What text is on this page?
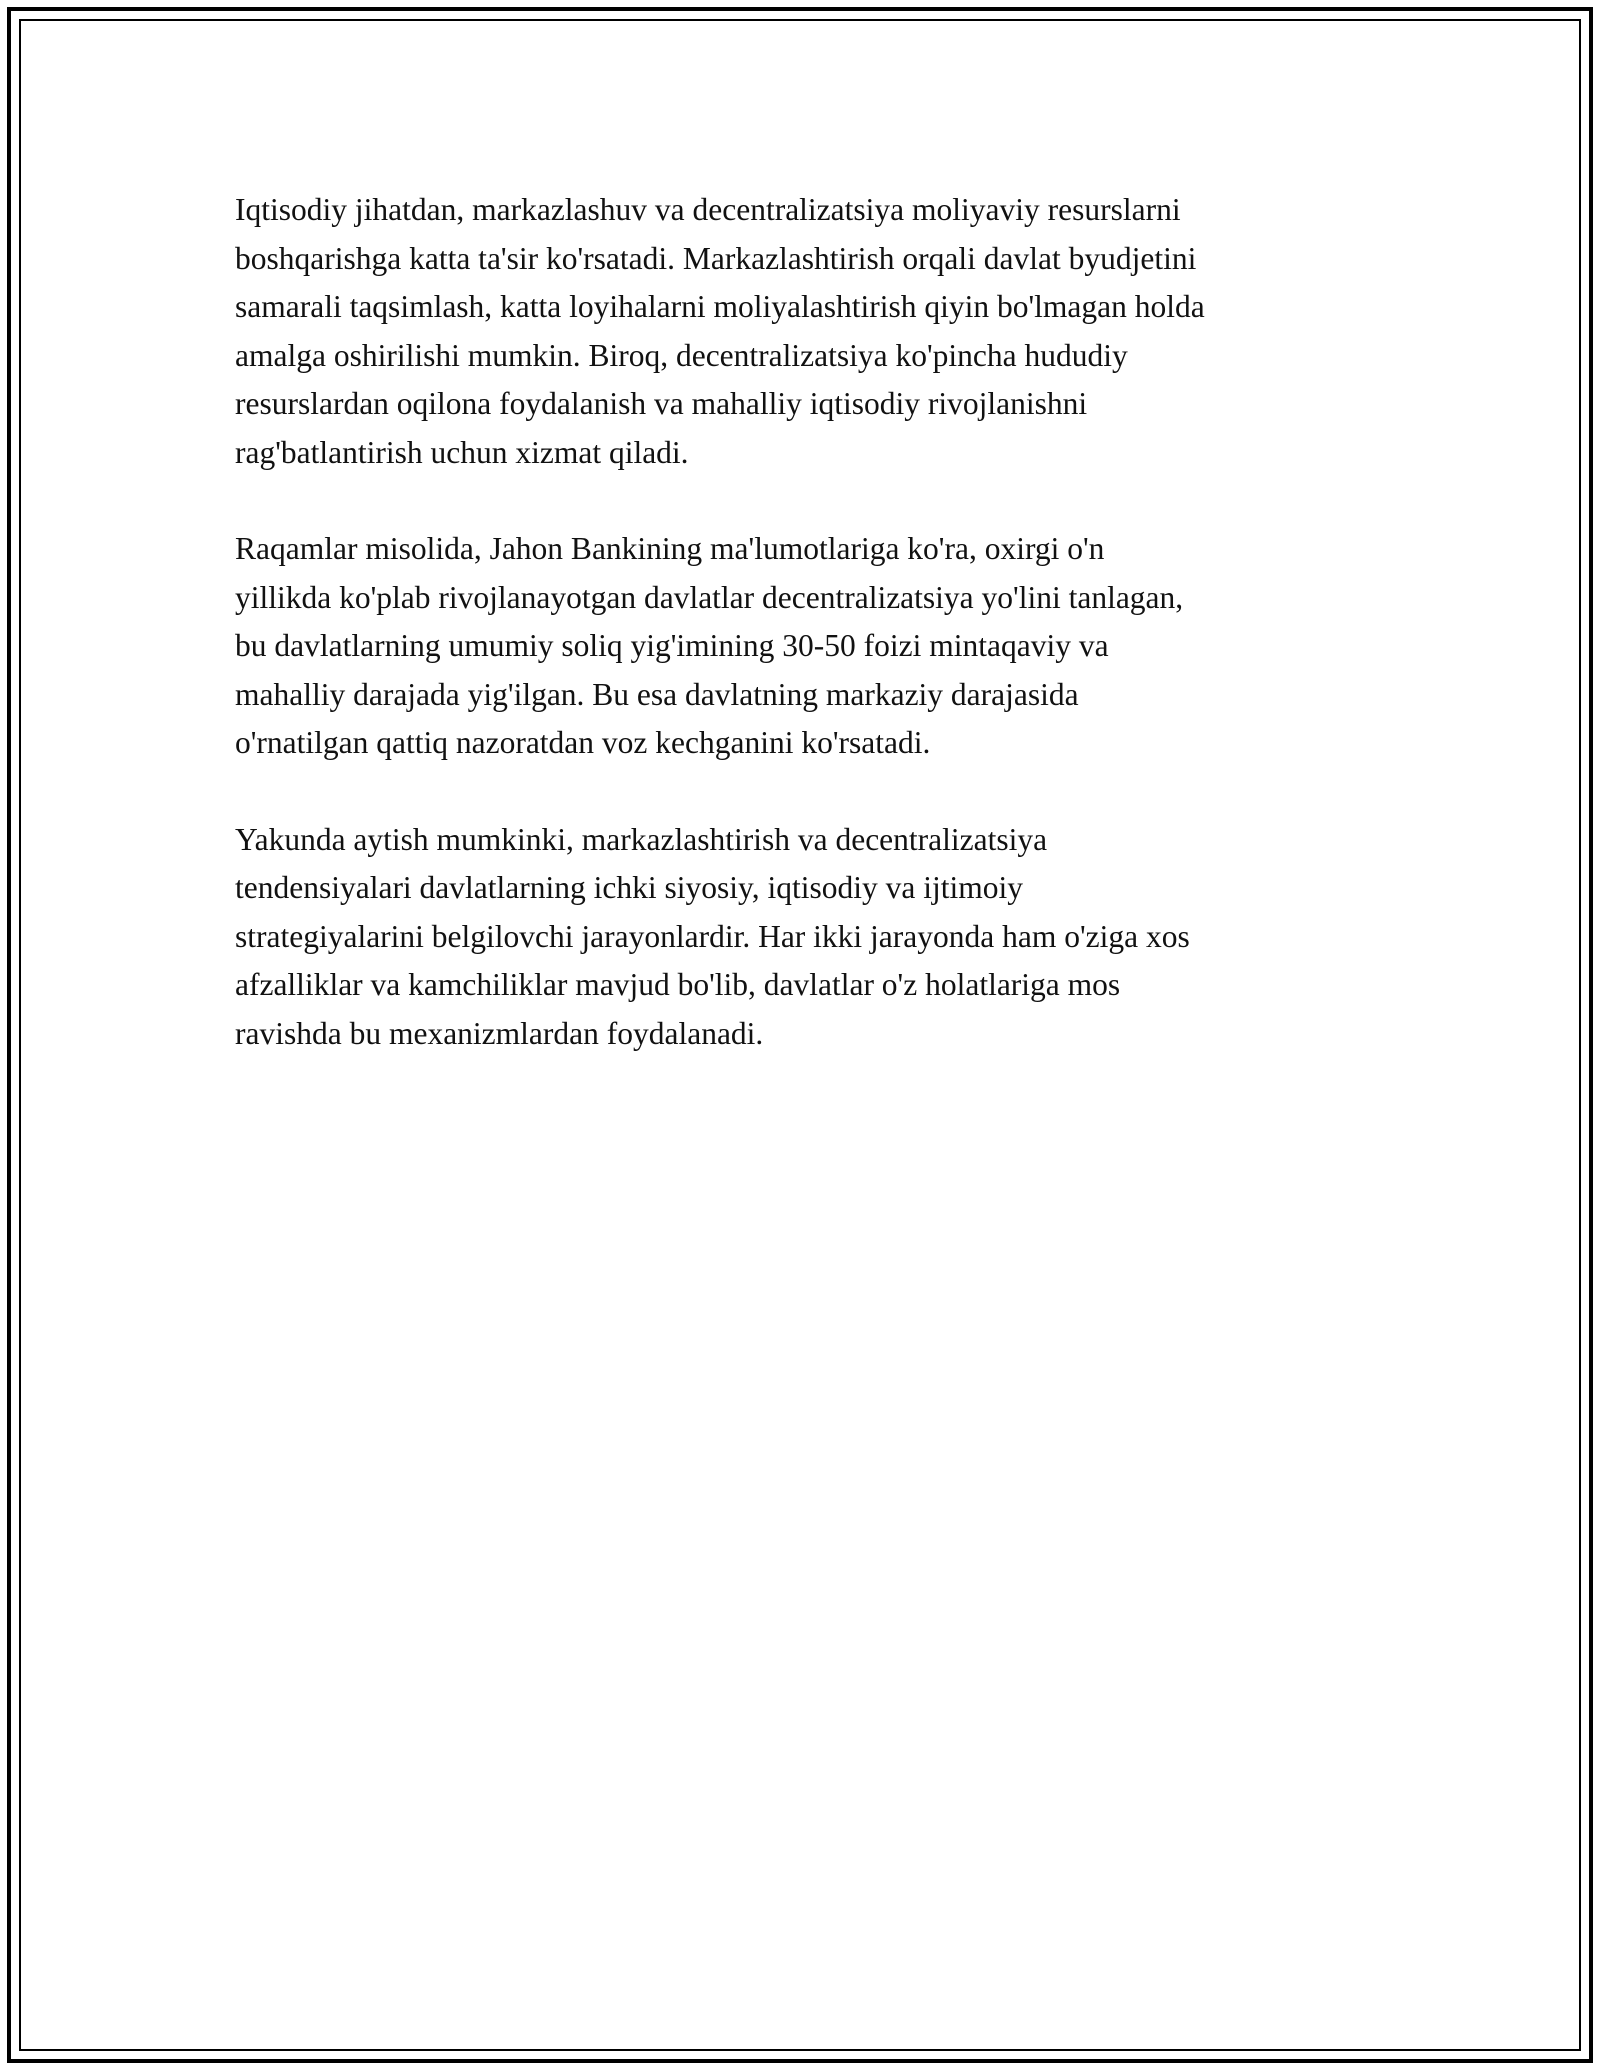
Iqtisodiy jihatdan, markazlashuv va decentralizatsiya moliyaviy resurslarni
boshqarishga katta ta'sir ko'rsatadi. Markazlashtirish orqali davlat byudjetini
samarali taqsimlash, katta loyihalarni moliyalashtirish qiyin bo'lmagan holda
amalga oshirilishi mumkin. Biroq, decentralizatsiya ko'pincha hududiy
resurslardan oqilona foydalanish va mahalliy iqtisodiy rivojlanishni
rag'batlantirish uchun xizmat qiladi.

Raqamlar misolida, Jahon Bankining ma'lumotlariga ko'ra, oxirgi o'n
yillikda ko'plab rivojlanayotgan davlatlar decentralizatsiya yo'lini tanlagan,
bu davlatlarning umumiy soliq yig'imining 30-50 foizi mintaqaviy va
mahalliy darajada yig'ilgan. Bu esa davlatning markaziy darajasida
o'rnatilgan qattiq nazoratdan voz kechganini ko'rsatadi.

Yakunda aytish mumkinki, markazlashtirish va decentralizatsiya
tendensiyalari davlatlarning ichki siyosiy, iqtisodiy va ijtimoiy
strategiyalarini belgilovchi jarayonlardir. Har ikki jarayonda ham o'ziga xos
afzalliklar va kamchiliklar mavjud bo'lib, davlatlar o'z holatlariga mos
ravishda bu mexanizmlardan foydalanadi.
